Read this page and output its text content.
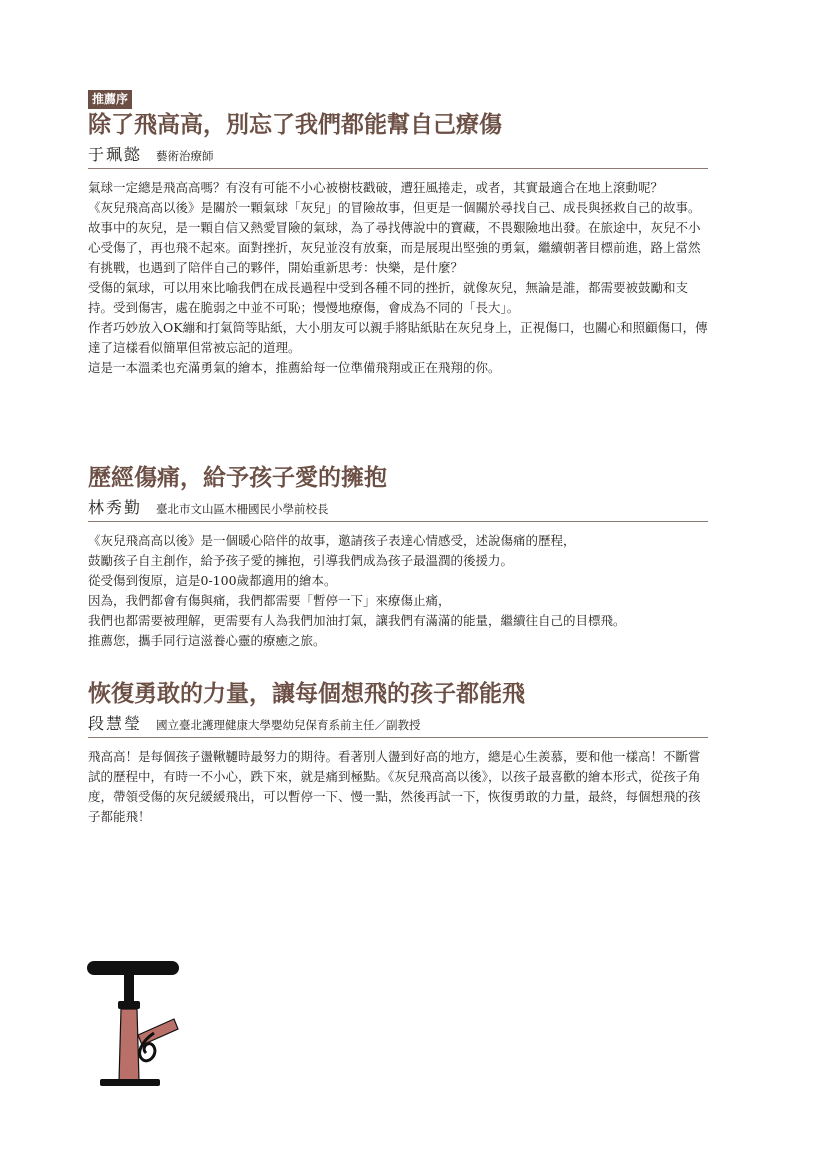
推薦序
除了飛高高，別忘了我們都能幫自己療傷
于珮懿 藝術治療師

氣球一定總是飛高高嗎？有沒有可能不小心被樹枝戳破，遭狂風捲走，或者，其實最適合在地上滾動呢？

《灰兒飛高高以後》是關於一顆氣球「灰兒」的冒險故事，但更是一個關於尋找自己、成長與拯救自己的故事。

故事中的灰兒，是一顆自信又熱愛冒險的氣球，為了尋找傳說中的寶藏，不畏艱險地出發。在旅途中，灰兒不小心受傷了，再也飛不起來。面對挫折，灰兒並沒有放棄，而是展現出堅強的勇氣，繼續朝著目標前進，路上當然有挑戰，也遇到了陪伴自己的夥伴，開始重新思考：快樂，是什麼？

受傷的氣球，可以用來比喻我們在成長過程中受到各種不同的挫折，就像灰兒，無論是誰，都需要被鼓勵和支持。受到傷害，處在脆弱之中並不可恥；慢慢地療傷，會成為不同的「長大」。

作者巧妙放入OK繃和打氣筒等貼紙，大小朋友可以親手將貼紙貼在灰兒身上，正視傷口，也關心和照顧傷口，傳達了這樣看似簡單但常被忘記的道理。

這是一本溫柔也充滿勇氣的繪本，推薦給每一位準備飛翔或正在飛翔的你。

歷經傷痛，給予孩子愛的擁抱
林秀勤 臺北市文山區木柵國民小學前校長

《灰兒飛高高以後》是一個暖心陪伴的故事，邀請孩子表達心情感受，述說傷痛的歷程，

鼓勵孩子自主創作，給予孩子愛的擁抱，引導我們成為孩子最溫潤的後援力。

從受傷到復原，這是0-100歲都適用的繪本。

因為，我們都會有傷與痛，我們都需要「暫停一下」來療傷止痛，

我們也都需要被理解，更需要有人為我們加油打氣，讓我們有滿滿的能量，繼續往自己的目標飛。

推薦您，攜手同行這滋養心靈的療癒之旅。

恢復勇敢的力量，讓每個想飛的孩子都能飛
段慧瑩 國立臺北護理健康大學嬰幼兒保育系前主任／副教授

飛高高！是每個孩子盪鞦韆時最努力的期待。看著別人盪到好高的地方，總是心生羨慕，要和他一樣高！不斷嘗試的歷程中，有時一不小心，跌下來，就是痛到極點。《灰兒飛高高以後》，以孩子最喜歡的繪本形式，從孩子角度，帶領受傷的灰兒緩緩飛出，可以暫停一下、慢一點，然後再試一下，恢復勇敢的力量，最終，每個想飛的孩子都能飛！
